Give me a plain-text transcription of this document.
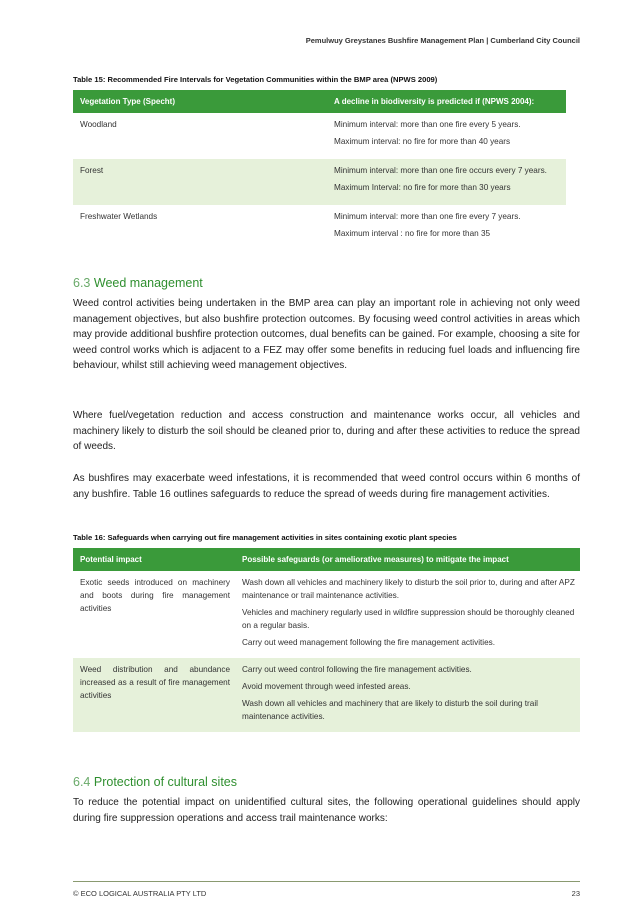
Pemulwuy Greystanes Bushfire Management Plan | Cumberland City Council
Table 15: Recommended Fire Intervals for Vegetation Communities within the BMP area (NPWS 2009)
Vegetation Type (Specht)	A decline in biodiversity is predicted if (NPWS 2004):
Woodland	Minimum interval: more than one fire every 5 years.
Maximum interval: no fire for more than 40 years

Forest	Minimum interval: more than one fire occurs every 7 years.
Maximum Interval: no fire for more than 30 years

Freshwater Wetlands	Minimum interval: more than one fire every 7 years.
Maximum interval : no fire for more than 35
6.3 Weed management

Weed control activities being undertaken in the BMP area can play an important role in achieving not only weed management objectives, but also bushfire protection outcomes. By focusing weed control activities in areas which may provide additional bushfire protection outcomes, dual benefits can be gained. For example, choosing a site for weed control works which is adjacent to a FEZ may offer some benefits in reducing fuel loads and influencing fire behaviour, whilst still achieving weed management objectives.

Where fuel/vegetation reduction and access construction and maintenance works occur, all vehicles and machinery likely to disturb the soil should be cleaned prior to, during and after these activities to reduce the spread of weeds.

As bushfires may exacerbate weed infestations, it is recommended that weed control occurs within 6 months of any bushfire. Table 16 outlines safeguards to reduce the spread of weeds during fire management activities.

Table 16: Safeguards when carrying out fire management activities in sites containing exotic plant species
Potential impact	Possible safeguards (or ameliorative measures) to mitigate the impact
Exotic seeds introduced on machinery and boots during fire management activities	Wash down all vehicles and machinery likely to disturb the soil prior to, during and after APZ maintenance or trail maintenance activities.
Vehicles and machinery regularly used in wildfire suppression should be thoroughly cleaned on a regular basis.
Carry out weed management following the fire management activities.

Weed distribution and abundance increased as a result of fire management activities	Carry out weed control following the fire management activities.
Avoid movement through weed infested areas.
Wash down all vehicles and machinery that are likely to disturb the soil during trail maintenance activities.
6.4 Protection of cultural sites

To reduce the potential impact on unidentified cultural sites, the following operational guidelines should apply during fire suppression operations and access trail maintenance works:

© ECO LOGICAL AUSTRALIA PTY LTD	23
